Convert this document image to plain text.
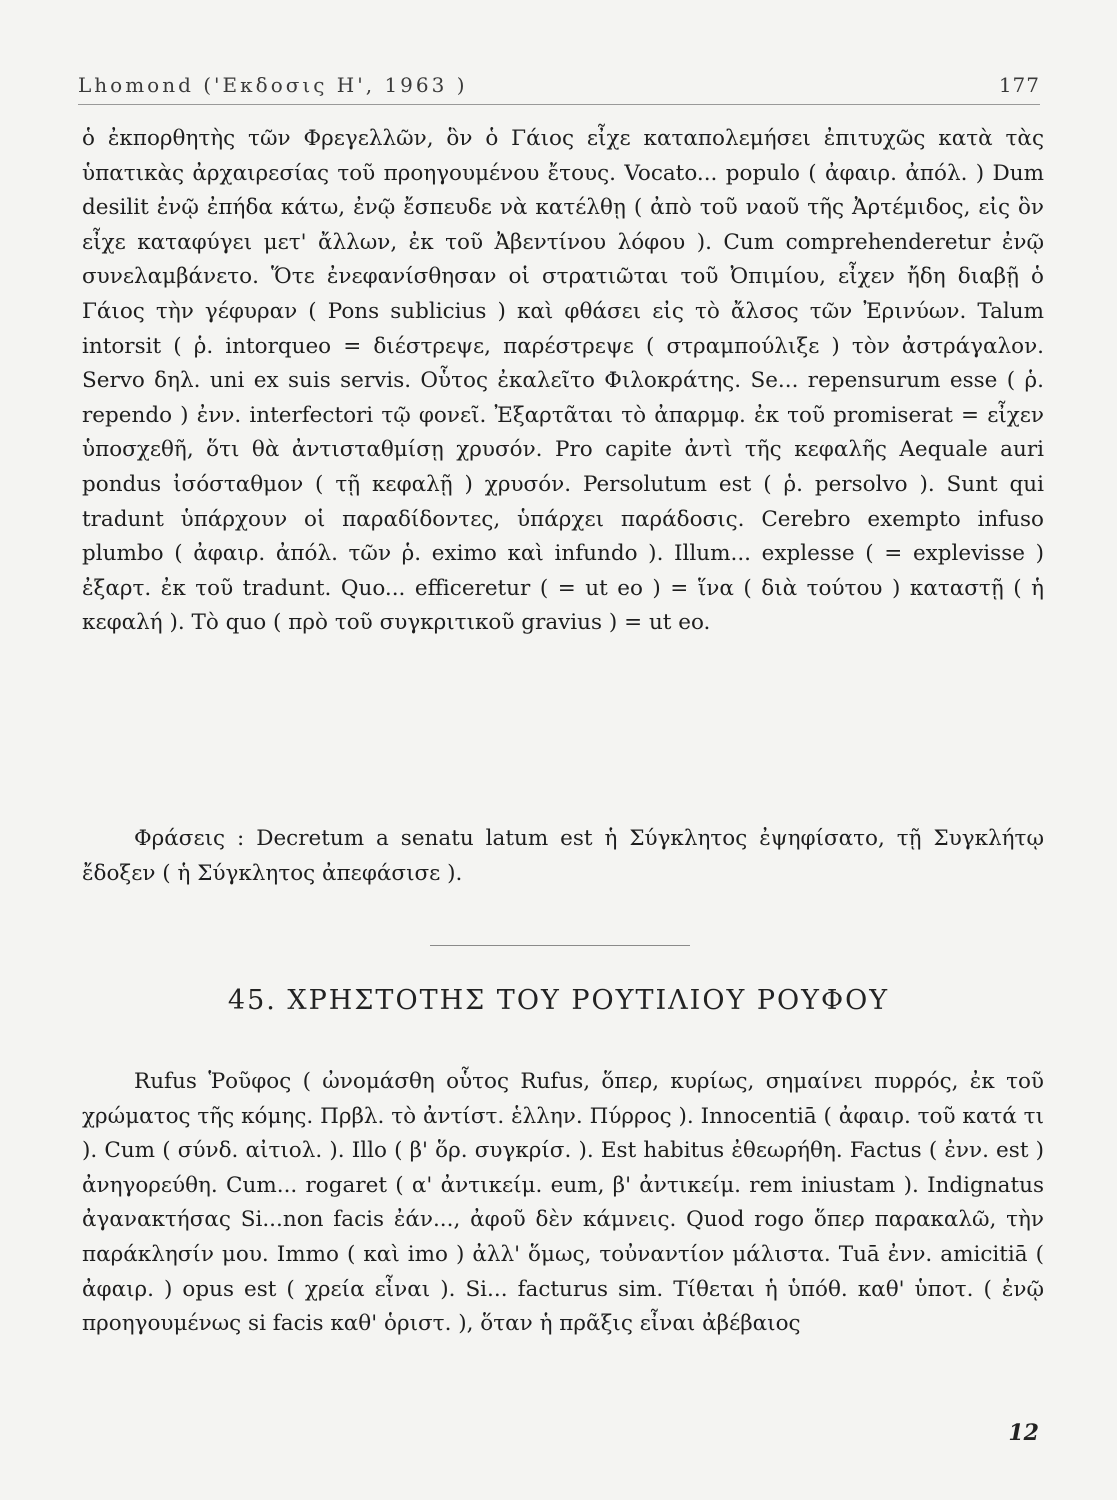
Lhomond ('Εκδοσις Η', 1963 )	177

ὁ ἐκπορθητὴς τῶν Φρεγελλῶν, ὃν ὁ Γάιος εἶχε καταπολεμήσει ἐπιτυχῶς κατὰ τὰς ὑπατικὰς ἀρχαιρεσίας τοῦ προηγουμένου ἔτους. Vocato... populo ( ἀφαιρ. ἀπόλ. ) Dum desilit ἐνῷ ἐπήδα κάτω, ἐνῷ ἔσπευδε νὰ κατέλθῃ ( ἀπὸ τοῦ ναοῦ τῆς Ἀρτέμιδος, εἰς ὃν εἶχε καταφύγει μετ' ἄλλων, ἐκ τοῦ Ἀβεντίνου λόφου ). Cum comprehenderetur ἐνῷ συνελαμβάνετο. Ὅτε ἐνεφανίσθησαν οἱ στρατιῶται τοῦ Ὀπιμίου, εἶχεν ἤδη διαβῇ ὁ Γάιος τὴν γέφυραν ( Pons sublicius ) καὶ φθάσει εἰς τὸ ἄλσος τῶν Ἐρινύων. Talum intorsit ( ῥ. intorqueo = διέστρεψε, παρέστρεψε ( στραμπούλιξε ) τὸν ἀστράγαλον. Servo δηλ. uni ex suis servis. Οὗτος ἐκαλεῖτο Φιλοκράτης. Se... repensurum esse ( ῥ. rependo ) ἐνν. interfectori τῷ φονεῖ. Ἐξαρτᾶται τὸ ἀπαρμφ. ἐκ τοῦ promiserat = εἶχεν ὑποσχεθῆ, ὅτι θὰ ἀντισταθμίσῃ χρυσόν. Pro capite ἀντὶ τῆς κεφαλῆς Aequale auri pondus ἰσόσταθμον ( τῇ κεφαλῇ ) χρυσόν. Persolutum est ( ῥ. persolvo ). Sunt qui tradunt ὑπάρχουν οἱ παραδίδοντες, ὑπάρχει παράδοσις. Cerebro exempto infuso plumbo ( ἀφαιρ. ἀπόλ. τῶν ῥ. eximo καὶ infundo ). Illum... explesse ( = explevisse ) ἐξαρτ. ἐκ τοῦ tradunt. Quo... efficeretur ( = ut eo ) = ἵνα ( διὰ τούτου ) καταστῇ ( ἡ κεφαλή ). Τὸ quo ( πρὸ τοῦ συγκριτικοῦ gravius ) = ut eo.

Φράσεις : Decretum a senatu latum est ἡ Σύγκλητος ἐψηφίσατο, τῇ Συγκλήτῳ ἔδοξεν ( ἡ Σύγκλητος ἀπεφάσισε ).

45. ΧΡΗΣΤΟΤΗΣ ΤΟΥ ΡΟΥΤΙΛΙΟΥ ΡΟΥΦΟΥ

Rufus Ῥοῦφος ( ὠνομάσθη οὗτος Rufus, ὅπερ, κυρίως, σημαίνει πυρρός, ἐκ τοῦ χρώματος τῆς κόμης. Πρβλ. τὸ ἀντίστ. ἑλλην. Πύρρος ). Innocentiā ( ἀφαιρ. τοῦ κατά τι ). Cum ( σύνδ. αἰτιολ. ). Illo ( β' ὅρ. συγκρίσ. ). Est habitus ἐθεωρήθη. Factus ( ἐνν. est ) ἀνηγορεύθη. Cum... rogaret ( α' ἀντικείμ. eum, β' ἀντικείμ. rem iniustam ). Indignatus ἀγανακτήσας Si...non facis ἐάν..., ἀφοῦ δὲν κάμνεις. Quod rogo ὅπερ παρακαλῶ, τὴν παράκλησίν μου. Immo ( καὶ imo ) ἀλλ' ὅμως, τοὐναντίον μάλιστα. Tuā ἐνν. amicitiā ( ἀφαιρ. ) opus est ( χρεία εἶναι ). Si... facturus sim. Τίθεται ἡ ὑπόθ. καθ' ὑποτ. ( ἐνῷ προηγουμένως si facis καθ' ὁριστ. ), ὅταν ἡ πρᾶξις εἶναι ἀβέβαιος

12
